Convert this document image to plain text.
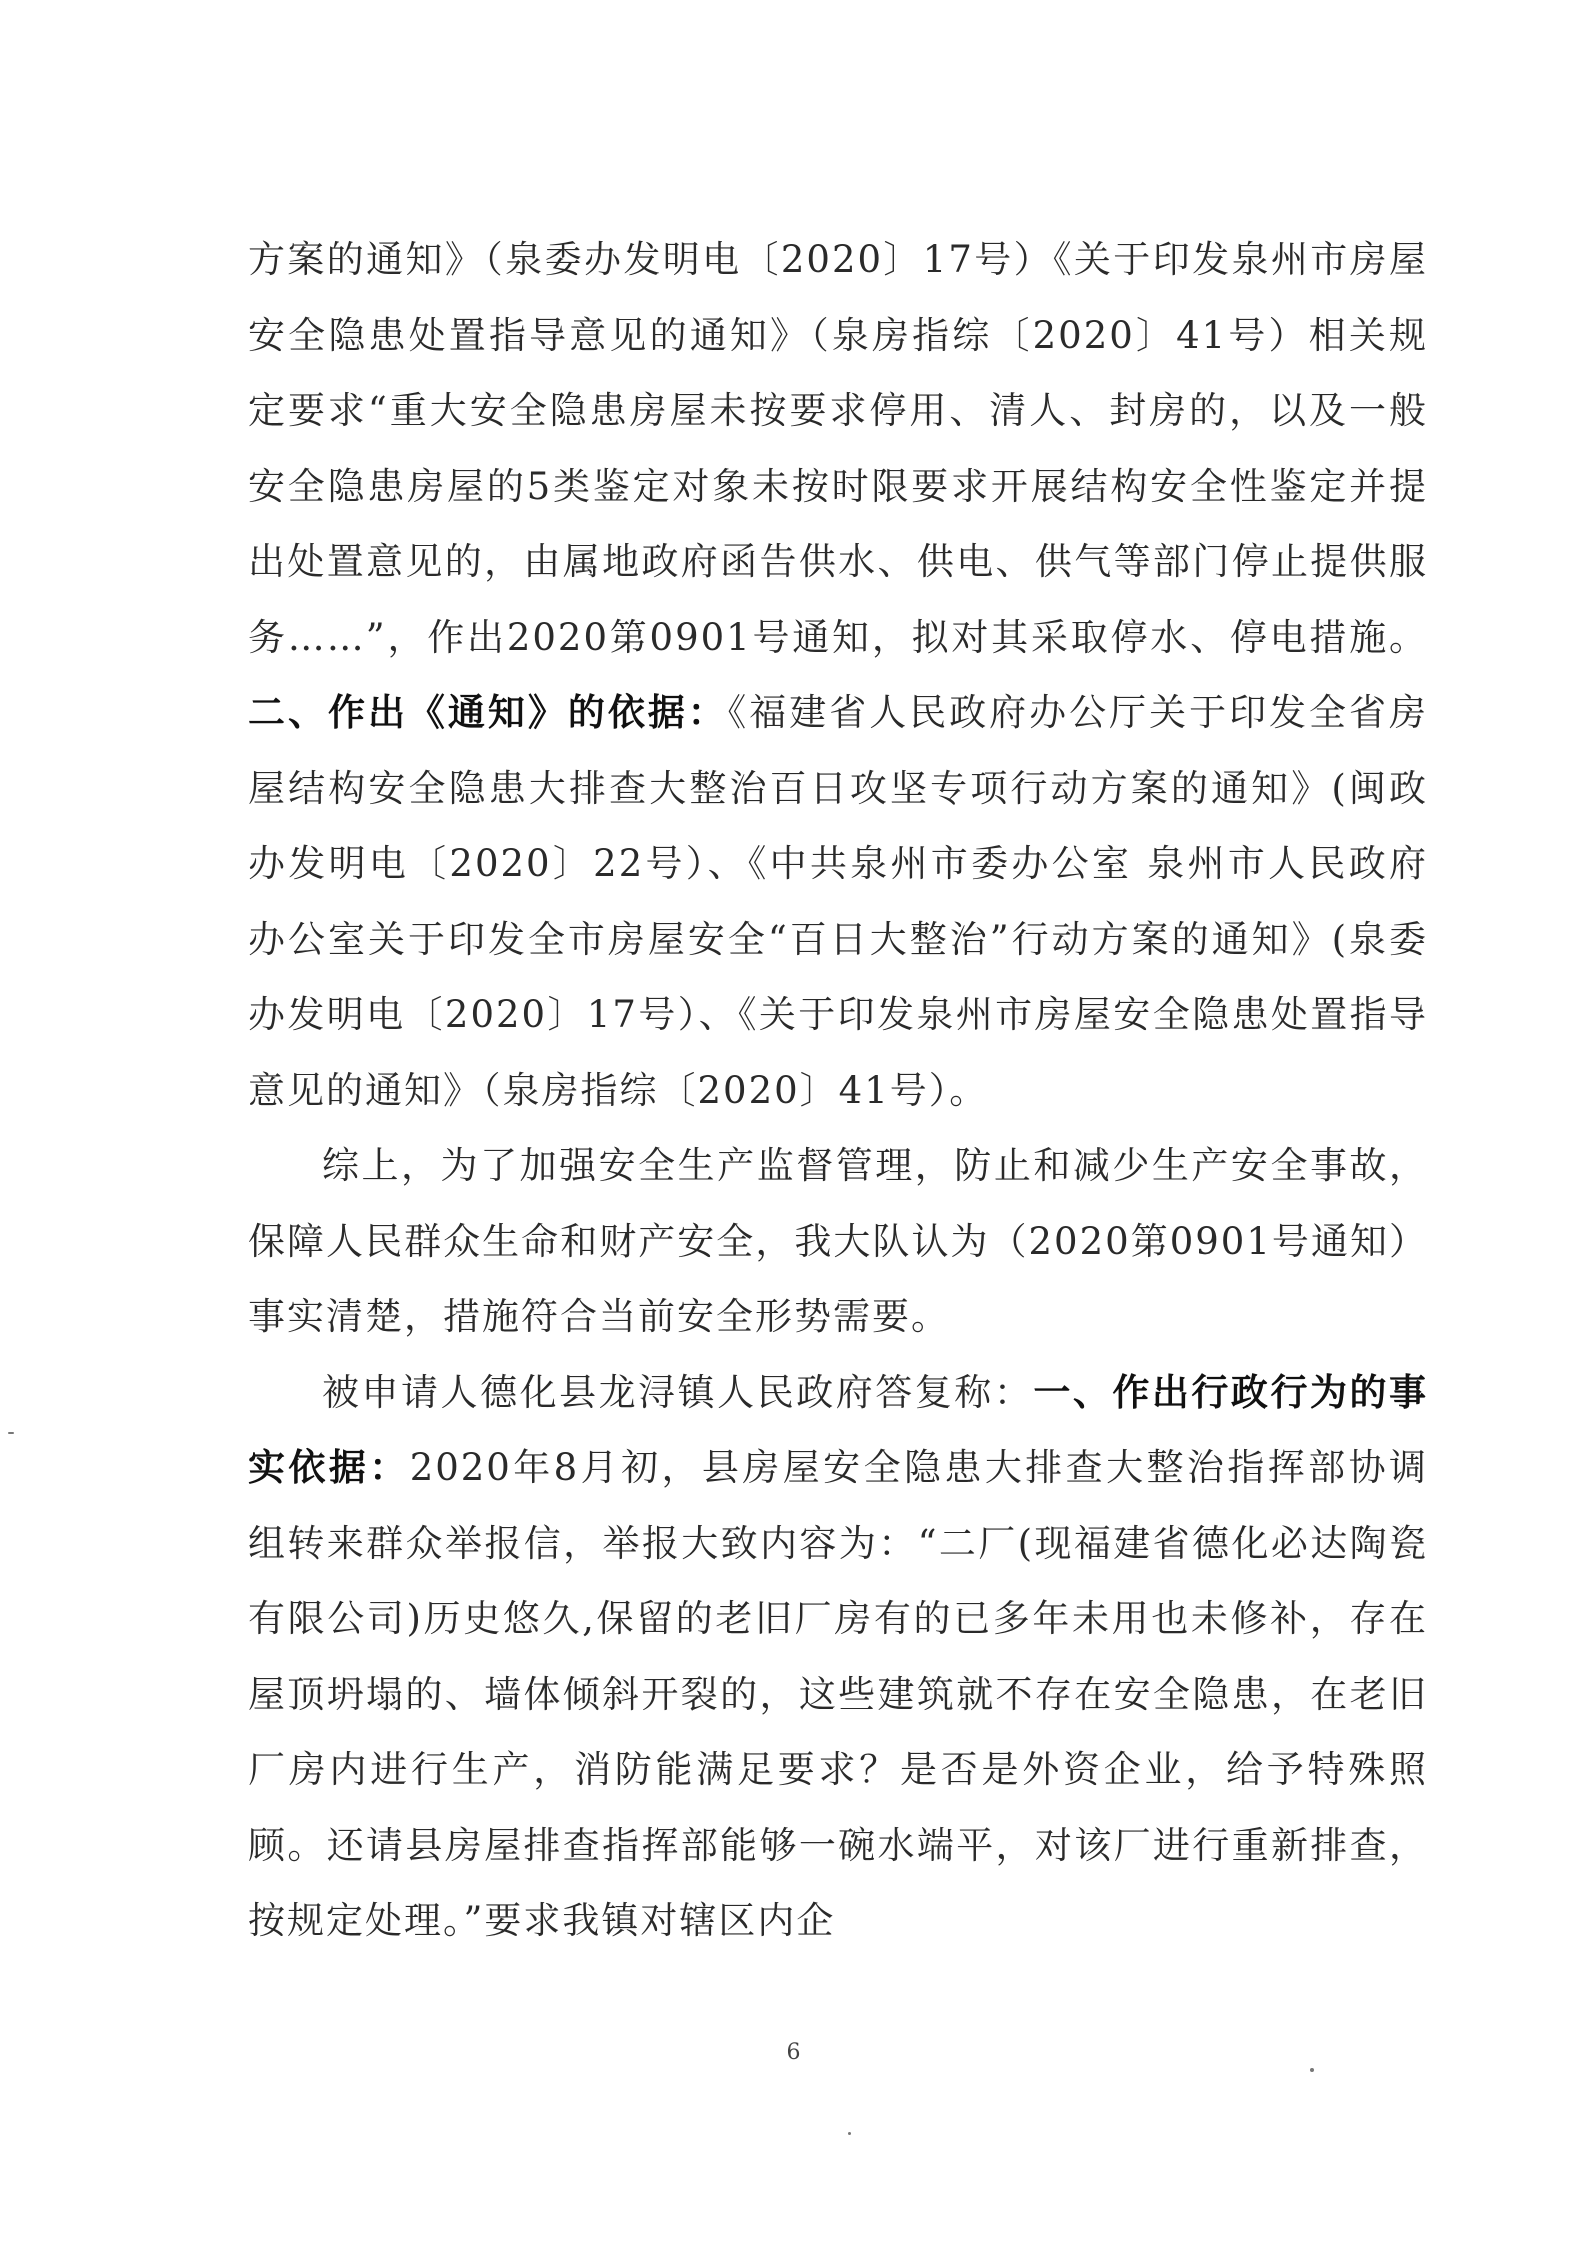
方案的通知》（泉委办发明电〔2020〕17号）《关于印发泉州市房屋安全隐患处置指导意见的通知》（泉房指综〔2020〕41号）相关规定要求“重大安全隐患房屋未按要求停用、清人、封房的，以及一般安全隐患房屋的5类鉴定对象未按时限要求开展结构安全性鉴定并提出处置意见的，由属地政府函告供水、供电、供气等部门停止提供服务……”，作出2020第0901号通知，拟对其采取停水、停电措施。二、作出《通知》的依据：《福建省人民政府办公厅关于印发全省房屋结构安全隐患大排查大整治百日攻坚专项行动方案的通知》(闽政办发明电〔2020〕22号）、《中共泉州市委办公室 泉州市人民政府办公室关于印发全市房屋安全“百日大整治”行动方案的通知》(泉委办发明电〔2020〕17号）、《关于印发泉州市房屋安全隐患处置指导意见的通知》（泉房指综〔2020〕41号）。

综上，为了加强安全生产监督管理，防止和减少生产安全事故，保障人民群众生命和财产安全，我大队认为（2020第0901号通知）事实清楚，措施符合当前安全形势需要。

被申请人德化县龙浔镇人民政府答复称：一、作出行政行为的事实依据：2020年8月初，县房屋安全隐患大排查大整治指挥部协调组转来群众举报信，举报大致内容为：“二厂(现福建省德化必达陶瓷有限公司)历史悠久,保留的老旧厂房有的已多年未用也未修补，存在屋顶坍塌的、墙体倾斜开裂的，这些建筑就不存在安全隐患，在老旧厂房内进行生产，消防能满足要求？是否是外资企业，给予特殊照顾。还请县房屋排查指挥部能够一碗水端平，对该厂进行重新排查，按规定处理。”要求我镇对辖区内企

6
